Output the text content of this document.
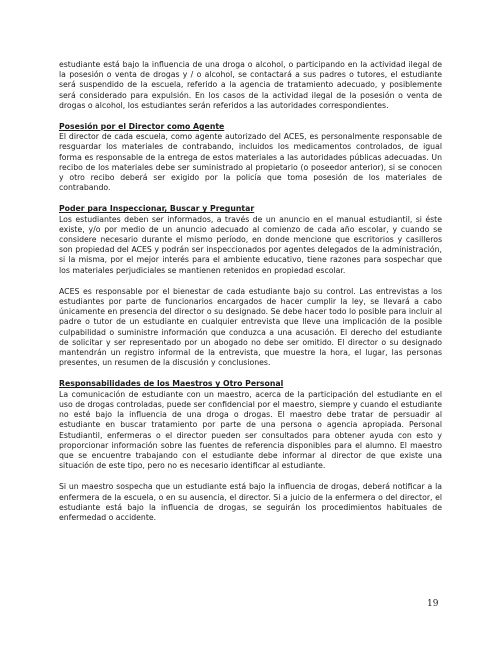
estudiante está bajo la influencia de una droga o alcohol, o participando en la actividad ilegal de la posesión o venta de drogas y / o alcohol, se contactará a sus padres o tutores, el estudiante será suspendido de la escuela, referido a la agencia de tratamiento adecuado, y posiblemente será considerado para expulsión. En los casos de la actividad ilegal de la posesión o venta de drogas o alcohol, los estudiantes serán referidos a las autoridades correspondientes.

Posesión por el Director como Agente
El director de cada escuela, como agente autorizado del ACES, es personalmente responsable de resguardar los materiales de contrabando, incluidos los medicamentos controlados, de igual forma es responsable de la entrega de estos materiales a las autoridades públicas adecuadas. Un recibo de los materiales debe ser suministrado al propietario (o poseedor anterior), si se conocen y otro recibo deberá ser exigido por la policía que toma posesión de los materiales de contrabando.

Poder para Inspeccionar, Buscar y Preguntar
Los estudiantes deben ser informados, a través de un anuncio en el manual estudiantil, si éste existe, y/o por medio de un anuncio adecuado al comienzo de cada año escolar, y cuando se considere necesario durante el mismo período, en donde mencione que escritorios y casilleros son propiedad del ACES y podrán ser inspeccionados por agentes delegados de la administración, si la misma, por el mejor interés para el ambiente educativo, tiene razones para sospechar que los materiales perjudiciales se mantienen retenidos en propiedad escolar.

ACES es responsable por el bienestar de cada estudiante bajo su control. Las entrevistas a los estudiantes por parte de funcionarios encargados de hacer cumplir la ley, se llevará a cabo únicamente en presencia del director o su designado. Se debe hacer todo lo posible para incluir al padre o tutor de un estudiante en cualquier entrevista que lleve una implicación de la posible culpabilidad o suministre información que conduzca a una acusación. El derecho del estudiante de solicitar y ser representado por un abogado no debe ser omitido. El director o su designado mantendrán un registro informal de la entrevista, que muestre la hora, el lugar, las personas presentes, un resumen de la discusión y conclusiones.

Responsabilidades de los Maestros y Otro Personal
La comunicación de estudiante con un maestro, acerca de la participación del estudiante en el uso de drogas controladas, puede ser confidencial por el maestro, siempre y cuando el estudiante no esté bajo la influencia de una droga o drogas. El maestro debe tratar de persuadir al estudiante en buscar tratamiento por parte de una persona o agencia apropiada. Personal Estudiantil, enfermeras o el director pueden ser consultados para obtener ayuda con esto y proporcionar información sobre las fuentes de referencia disponibles para el alumno. El maestro que se encuentre trabajando con el estudiante debe informar al director de que existe una situación de este tipo, pero no es necesario identificar al estudiante.

Si un maestro sospecha que un estudiante está bajo la influencia de drogas, deberá notificar a la enfermera de la escuela, o en su ausencia, el director. Si a juicio de la enfermera o del director, el estudiante está bajo la influencia de drogas, se seguirán los procedimientos habituales de enfermedad o accidente.

19
